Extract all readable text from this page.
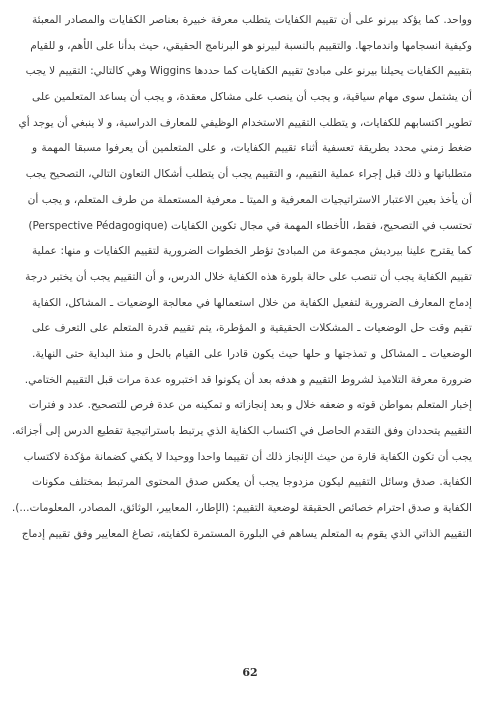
وواحد. كما يؤكد بيرنو على أن تقييم الكفايات يتطلب معرفة خبيرة بعناصر الكفايات والمصادر المعبئة
وكيفية انسجامها واندماجها. والتقييم بالنسبة لبيرنو هو البرنامج الحقيقي، حيث بدأنا على الأهم، و للقيام
بتقييم الكفايات يحيلنا بيرنو على مبادئ تقييم الكفايات كما حددها Wiggins وهي كالتالي: التقييم لا يجب
أن يشتمل سوى مهام سياقية، و يجب أن ينصب على مشاكل معقدة، و يجب أن يساعد المتعلمين على
تطوير اكتسابهم للكفايات، و يتطلب التقييم الاستخدام الوظيفي للمعارف الدراسية، و لا ينبغي أن يوجد أي
ضغط زمني محدد بطريقة تعسفية أثناء تقييم الكفايات، و على المتعلمين أن يعرفوا مسبقا المهمة و
متطلباتها و ذلك قبل إجراء عملية التقييم، و التقييم يجب أن يتطلب أشكال التعاون التالي، التصحيح يجب
أن يأخذ بعين الاعتبار الاستراتيجيات المعرفية و الميتا ـ معرفية المستعملة من طرف المتعلم، و يجب أن
تحتسب في التصحيح، فقط، الأخطاء المهمة في مجال تكوين الكفايات (Perspective Pédagogique)
كما يقترح علينا بيرديش مجموعة من المبادئ تؤطر الخطوات الضرورية لتقييم الكفايات و منها: عملية
تقييم الكفاية يجب أن تنصب على حالة بلورة هذه الكفاية خلال الدرس، و أن التقييم يجب أن يختبر درجة
إدماج المعارف الضرورية لتفعيل الكفاية من خلال استعمالها في معالجة الوضعيات ـ المشاكل، الكفاية
تقيم وقت حل الوضعيات ـ المشكلات الحقيقية و المؤطرة، يتم تقييم قدرة المتعلم على التعرف على
الوضعيات ـ المشاكل و تمذجتها و حلها حيث يكون قادرا على القيام بالحل و منذ البداية حتى النهاية.
ضرورة معرفة التلاميذ لشروط التقييم و هدفه بعد أن يكونوا قد اختبروه عدة مرات قبل التقييم الختامي.
إخبار المتعلم بمواطن قوته و ضعفه خلال و بعد إنجازاته و تمكينه من عدة فرص للتصحيح. عدد و فترات
التقييم يتحددان وفق التقدم الحاصل في اكتساب الكفاية الذي يرتبط باستراتيجية تقطيع الدرس إلى أجزائه.
يجب أن تكون الكفاية قارة من حيث الإنجاز ذلك أن تقييما واحدا ووحيدا لا يكفي كضمانة مؤكدة لاكتساب
الكفاية. صدق وسائل التقييم ليكون مزدوجا يجب أن يعكس صدق المحتوى المرتبط بمختلف مكونات
الكفاية و صدق احترام خصائص الحقيقة لوضعية التقييم: (الإطار، المعايير، الوثائق، المصادر، المعلومات...).
التقييم الذاتي الذي يقوم به المتعلم يساهم في البلورة المستمرة لكفايته، تصاغ المعايير وفق تقييم إدماج
62
